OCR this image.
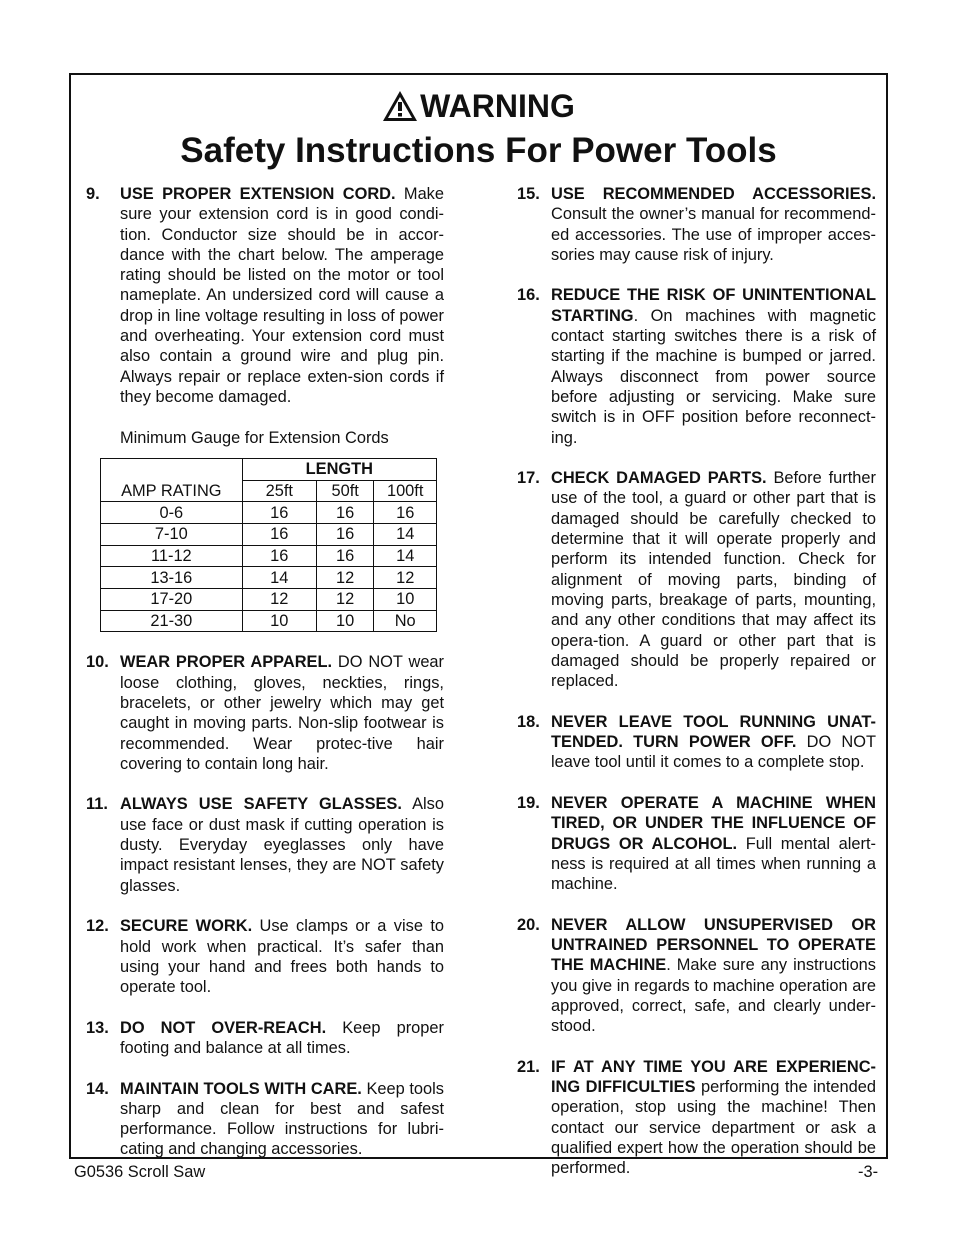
WARNING
Safety Instructions For Power Tools
9. USE PROPER EXTENSION CORD. Make sure your extension cord is in good condi-tion. Conductor size should be in accor-dance with the chart below. The amperage rating should be listed on the motor or tool nameplate. An undersized cord will cause a drop in line voltage resulting in loss of power and overheating. Your extension cord must also contain a ground wire and plug pin. Always repair or replace exten-sion cords if they become damaged.
Minimum Gauge for Extension Cords
	LENGTH		
AMP RATING	25ft	50ft	100ft
0-6	16	16	16
7-10	16	16	14
11-12	16	16	14
13-16	14	12	12
17-20	12	12	10
21-30	10	10	No
10. WEAR PROPER APPAREL. DO NOT wear loose clothing, gloves, neckties, rings, bracelets, or other jewelry which may get caught in moving parts. Non-slip footwear is recommended. Wear protec-tive hair covering to contain long hair.
11. ALWAYS USE SAFETY GLASSES. Also use face or dust mask if cutting operation is dusty. Everyday eyeglasses only have impact resistant lenses, they are NOT safety glasses.
12. SECURE WORK. Use clamps or a vise to hold work when practical. It’s safer than using your hand and frees both hands to operate tool.
13. DO NOT OVER-REACH. Keep proper footing and balance at all times.
14. MAINTAIN TOOLS WITH CARE. Keep tools sharp and clean for best and safest performance. Follow instructions for lubri-cating and changing accessories.
15. USE RECOMMENDED ACCESSORIES. Consult the owner’s manual for recommend-ed accessories. The use of improper acces-sories may cause risk of injury.
16. REDUCE THE RISK OF UNINTENTIONAL STARTING. On machines with magnetic contact starting switches there is a risk of starting if the machine is bumped or jarred. Always disconnect from power source before adjusting or servicing. Make sure switch is in OFF position before reconnect-ing.
17. CHECK DAMAGED PARTS. Before further use of the tool, a guard or other part that is damaged should be carefully checked to determine that it will operate properly and perform its intended function. Check for alignment of moving parts, binding of moving parts, breakage of parts, mounting, and any other conditions that may affect its opera-tion. A guard or other part that is damaged should be properly repaired or replaced.
18. NEVER LEAVE TOOL RUNNING UNAT-TENDED. TURN POWER OFF. DO NOT leave tool until it comes to a complete stop.
19. NEVER OPERATE A MACHINE WHEN TIRED, OR UNDER THE INFLUENCE OF DRUGS OR ALCOHOL. Full mental alert-ness is required at all times when running a machine.
20. NEVER ALLOW UNSUPERVISED OR UNTRAINED PERSONNEL TO OPERATE THE MACHINE. Make sure any instructions you give in regards to machine operation are approved, correct, safe, and clearly under-stood.
21. IF AT ANY TIME YOU ARE EXPERIENC-ING DIFFICULTIES performing the intended operation, stop using the machine! Then contact our service department or ask a qualified expert how the operation should be performed.
G0536 Scroll Saw	-3-
